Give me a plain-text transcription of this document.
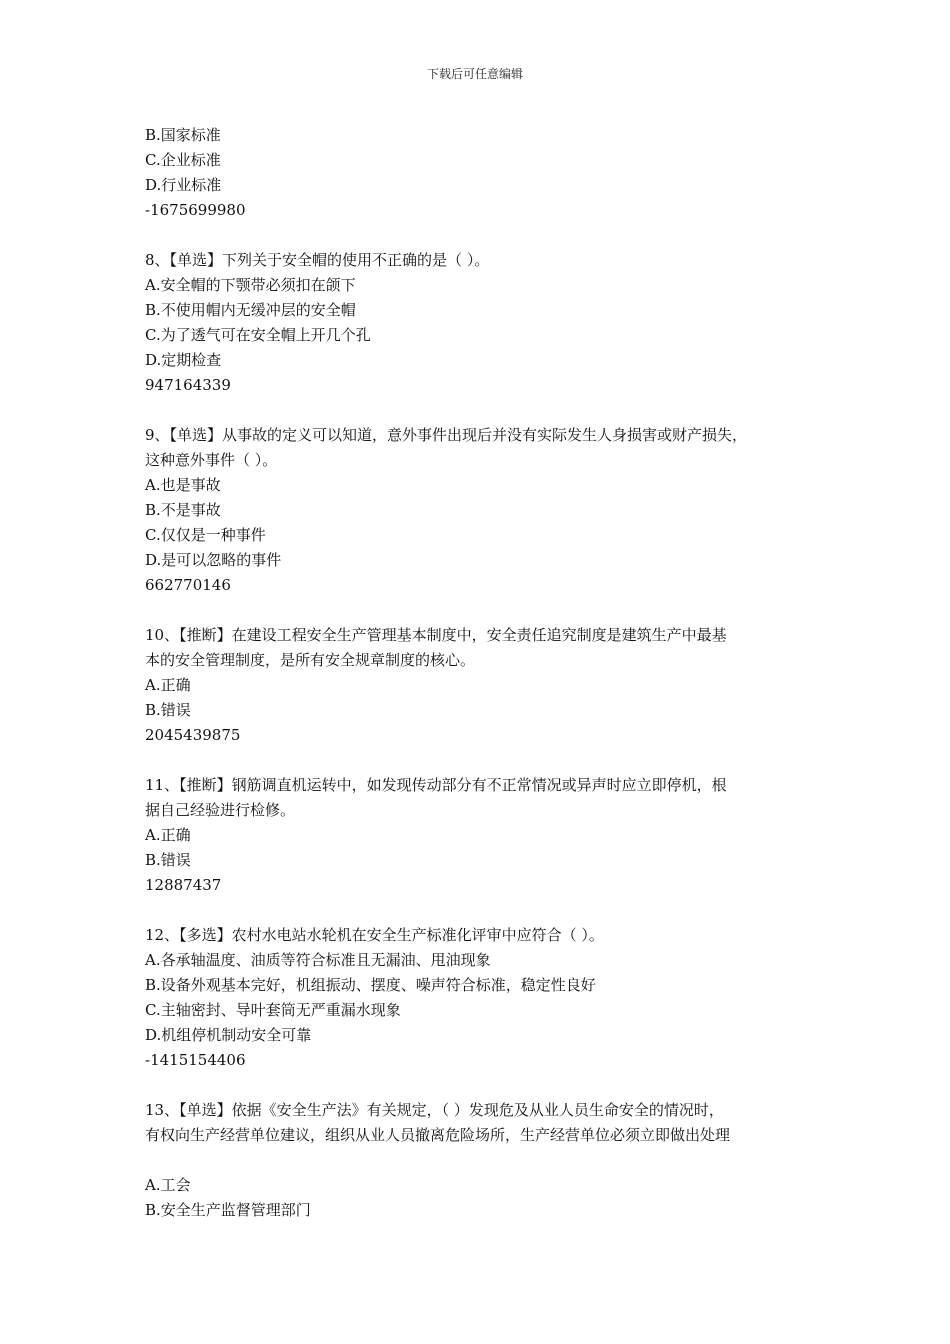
下载后可任意编辑
B.国家标准
C.企业标准
D.行业标准
-1675699980
8、【单选】下列关于安全帽的使用不正确的是（ ）。
A.安全帽的下颚带必须扣在颌下
B.不使用帽内无缓冲层的安全帽
C.为了透气可在安全帽上开几个孔
D.定期检查
947164339
9、【单选】从事故的定义可以知道，意外事件出现后并没有实际发生人身损害或财产损失，
这种意外事件（ ）。
A.也是事故
B.不是事故
C.仅仅是一种事件
D.是可以忽略的事件
662770146
10、【推断】在建设工程安全生产管理基本制度中，安全责任追究制度是建筑生产中最基
本的安全管理制度，是所有安全规章制度的核心。
A.正确
B.错误
2045439875
11、【推断】钢筋调直机运转中，如发现传动部分有不正常情况或异声时应立即停机，根
据自己经验进行检修。
A.正确
B.错误
12887437
12、【多选】农村水电站水轮机在安全生产标准化评审中应符合（ ）。
A.各承轴温度、油质等符合标准且无漏油、甩油现象
B.设备外观基本完好，机组振动、摆度、噪声符合标准，稳定性良好
C.主轴密封、导叶套筒无严重漏水现象
D.机组停机制动安全可靠
-1415154406
13、【单选】依据《安全生产法》有关规定，（ ）发现危及从业人员生命安全的情况时，
有权向生产经营单位建议，组织从业人员撤离危险场所，生产经营单位必须立即做出处理
A.工会
B.安全生产监督管理部门
